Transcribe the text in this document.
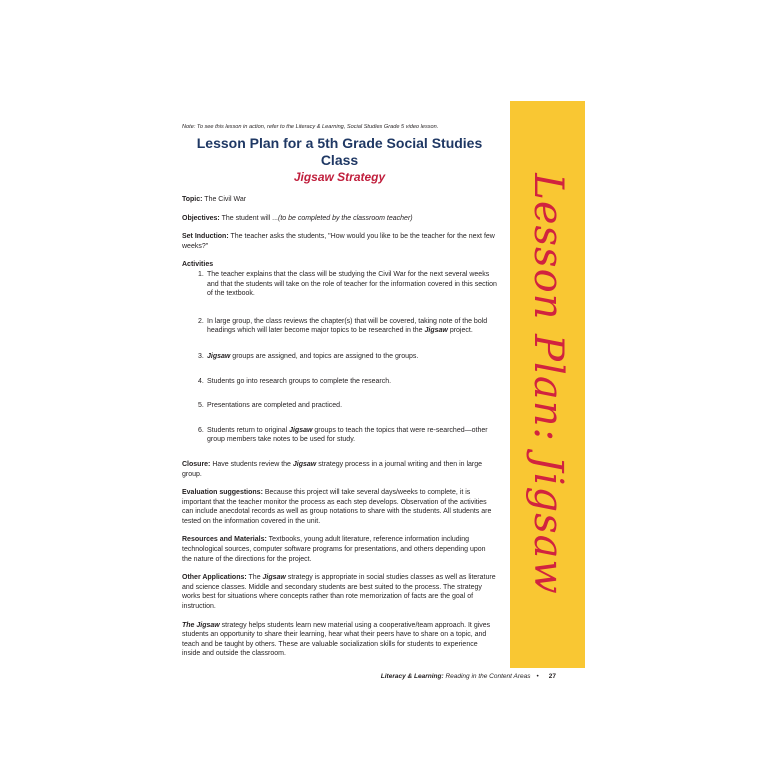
Note: To see this lesson in action, refer to the Literacy & Learning, Social Studies Grade 5 video lesson.

Lesson Plan for a 5th Grade Social Studies Class
Jigsaw Strategy

Topic: The Civil War

Objectives: The student will ...(to be completed by the classroom teacher)

Set Induction: The teacher asks the students, "How would you like to be the teacher for the next few weeks?"

Activities

1. The teacher explains that the class will be studying the Civil War for the next several weeks and that the students will take on the role of teacher for the information covered in this section of the textbook.
2. In large group, the class reviews the chapter(s) that will be covered, taking note of the bold headings which will later become major topics to be researched in the Jigsaw project.
3. Jigsaw groups are assigned, and topics are assigned to the groups.
4. Students go into research groups to complete the research.
5. Presentations are completed and practiced.
6. Students return to original Jigsaw groups to teach the topics that were re-searched—other group members take notes to be used for study.

Closure: Have students review the Jigsaw strategy process in a journal writing and then in large group.

Evaluation suggestions: Because this project will take several days/weeks to complete, it is important that the teacher monitor the process as each step develops. Observation of the activities can include anecdotal records as well as group notations to share with the students. All students are tested on the information covered in the unit.

Resources and Materials: Textbooks, young adult literature, reference information including technological sources, computer software programs for presentations, and others depending upon the nature of the directions for the project.

Other Applications: The Jigsaw strategy is appropriate in social studies classes as well as literature and science classes. Middle and secondary students are best suited to the process. The strategy works best for situations where concepts rather than rote memorization of facts are the goal of instruction.

The Jigsaw strategy helps students learn new material using a cooperative/team approach. It gives students an opportunity to share their learning, hear what their peers have to share on a topic, and teach and be taught by others. These are valuable socialization skills for students to experience inside and outside the classroom.

Lesson Plan: Jigsaw
Literacy & Learning: Reading in the Content Areas • 27
